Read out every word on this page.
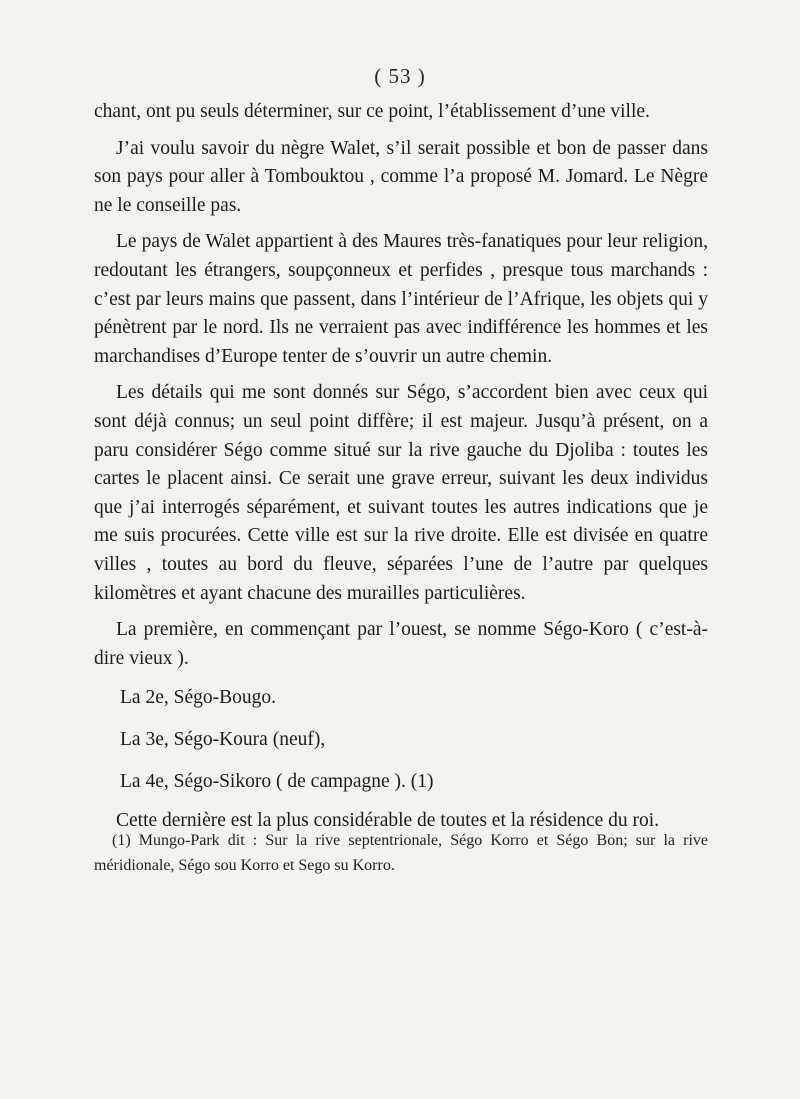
( 53 )

chant, ont pu seuls déterminer, sur ce point, l’établissement d’une ville.

J’ai voulu savoir du nègre Walet, s’il serait possible et bon de passer dans son pays pour aller à Tombouktou , comme l’a proposé M. Jomard. Le Nègre ne le conseille pas.

Le pays de Walet appartient à des Maures très-fanatiques pour leur religion, redoutant les étrangers, soupçonneux et perfides , presque tous marchands : c’est par leurs mains que passent, dans l’intérieur de l’Afrique, les objets qui y pénètrent par le nord. Ils ne verraient pas avec indifférence les hommes et les marchandises d’Europe tenter de s’ouvrir un autre chemin.

Les détails qui me sont donnés sur Ségo, s’accordent bien avec ceux qui sont déjà connus; un seul point diffère; il est majeur. Jusqu’à présent, on a paru considérer Ségo comme situé sur la rive gauche du Djoliba : toutes les cartes le placent ainsi. Ce serait une grave erreur, suivant les deux individus que j’ai interrogés séparément, et suivant toutes les autres indications que je me suis procurées. Cette ville est sur la rive droite. Elle est divisée en quatre villes , toutes au bord du fleuve, séparées l’une de l’autre par quelques kilomètres et ayant chacune des murailles particulières.

La première, en commençant par l’ouest, se nomme Ségo-Koro ( c’est-à-dire vieux ).

La 2e, Ségo-Bougo.

La 3e, Ségo-Koura (neuf),

La 4e, Ségo-Sikoro ( de campagne ). (1)

Cette dernière est la plus considérable de toutes et la résidence du roi.

(1) Mungo-Park dit : Sur la rive septentrionale, Ségo Korro et Ségo Bon; sur la rive méridionale, Ségo sou Korro et Sego su Korro.
